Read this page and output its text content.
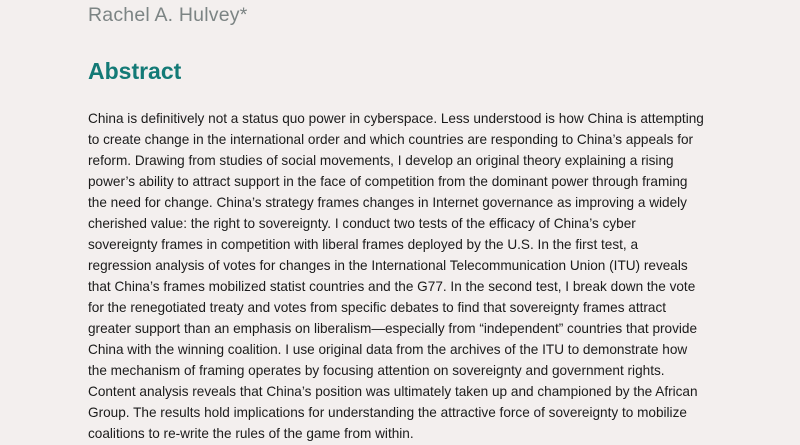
Rachel A. Hulvey*
Abstract
China is definitively not a status quo power in cyberspace. Less understood is how China is attempting
to create change in the international order and which countries are responding to China’s appeals for
reform. Drawing from studies of social movements, I develop an original theory explaining a rising
power’s ability to attract support in the face of competition from the dominant power through framing
the need for change. China’s strategy frames changes in Internet governance as improving a widely
cherished value: the right to sovereignty. I conduct two tests of the efficacy of China’s cyber
sovereignty frames in competition with liberal frames deployed by the U.S. In the first test, a
regression analysis of votes for changes in the International Telecommunication Union (ITU) reveals
that China’s frames mobilized statist countries and the G77. In the second test, I break down the vote
for the renegotiated treaty and votes from specific debates to find that sovereignty frames attract
greater support than an emphasis on liberalism—especially from “independent” countries that provide
China with the winning coalition. I use original data from the archives of the ITU to demonstrate how
the mechanism of framing operates by focusing attention on sovereignty and government rights.
Content analysis reveals that China’s position was ultimately taken up and championed by the African
Group. The results hold implications for understanding the attractive force of sovereignty to mobilize
coalitions to re-write the rules of the game from within.
